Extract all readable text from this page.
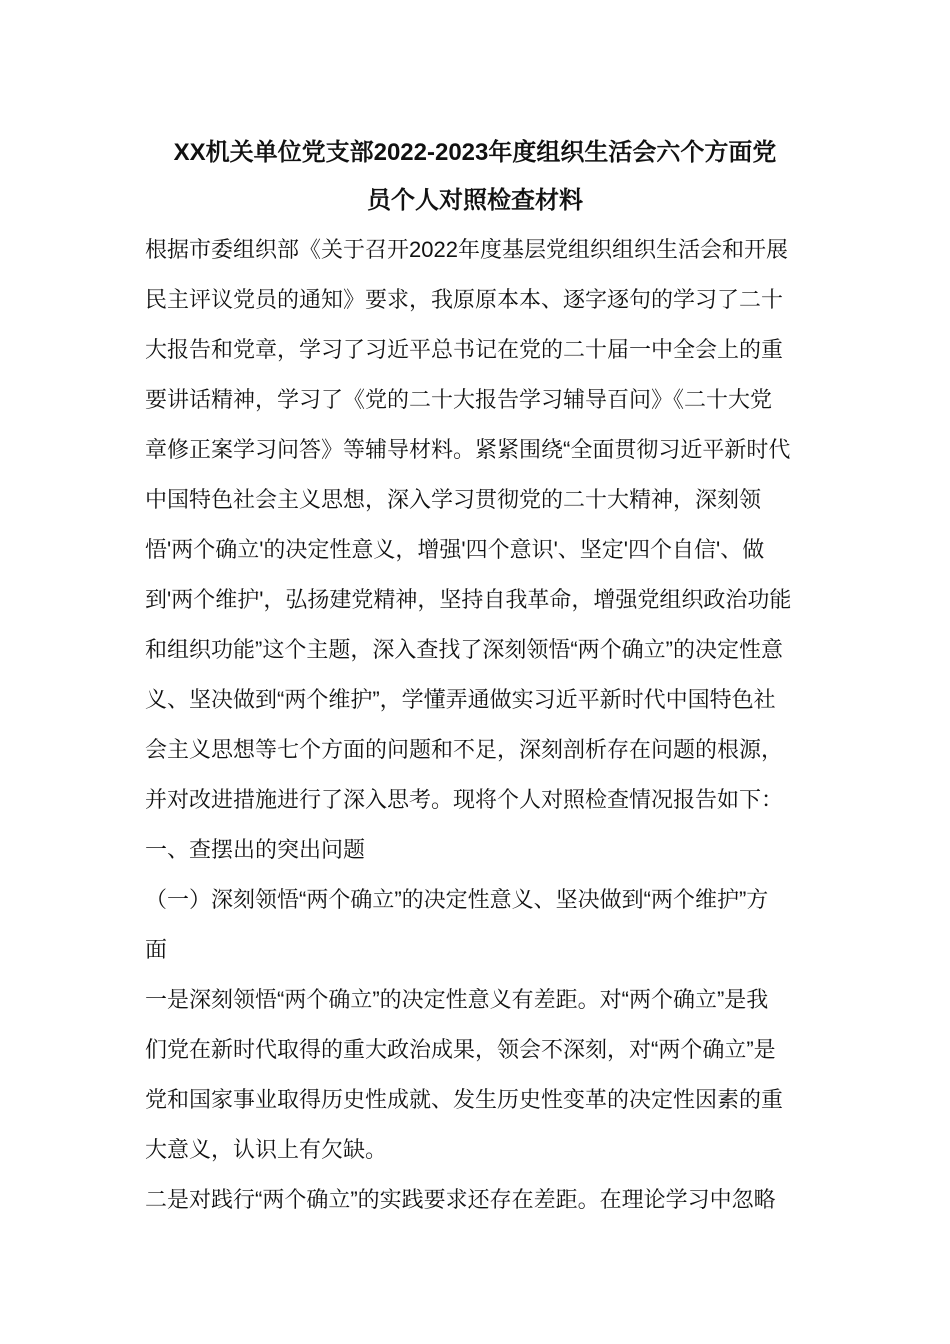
XX机关单位党支部2022-2023年度组织生活会六个方面党
员个人对照检查材料
根据市委组织部《关于召开2022年度基层党组织组织生活会和开展
民主评议党员的通知》要求，我原原本本、逐字逐句的学习了二十
大报告和党章，学习了习近平总书记在党的二十届一中全会上的重
要讲话精神，学习了《党的二十大报告学习辅导百问》《二十大党
章修正案学习问答》等辅导材料。紧紧围绕“全面贯彻习近平新时代
中国特色社会主义思想，深入学习贯彻党的二十大精神，深刻领
悟'两个确立'的决定性意义，增强'四个意识'、坚定'四个自信'、做
到'两个维护'，弘扬建党精神，坚持自我革命，增强党组织政治功能
和组织功能”这个主题，深入查找了深刻领悟“两个确立”的决定性意
义、坚决做到“两个维护”，学懂弄通做实习近平新时代中国特色社
会主义思想等七个方面的问题和不足，深刻剖析存在问题的根源，
并对改进措施进行了深入思考。现将个人对照检查情况报告如下：
一、查摆出的突出问题
（一）深刻领悟“两个确立”的决定性意义、坚决做到“两个维护”方
面
一是深刻领悟“两个确立”的决定性意义有差距。对“两个确立”是我
们党在新时代取得的重大政治成果，领会不深刻，对“两个确立”是
党和国家事业取得历史性成就、发生历史性变革的决定性因素的重
大意义，认识上有欠缺。
二是对践行“两个确立”的实践要求还存在差距。在理论学习中忽略
